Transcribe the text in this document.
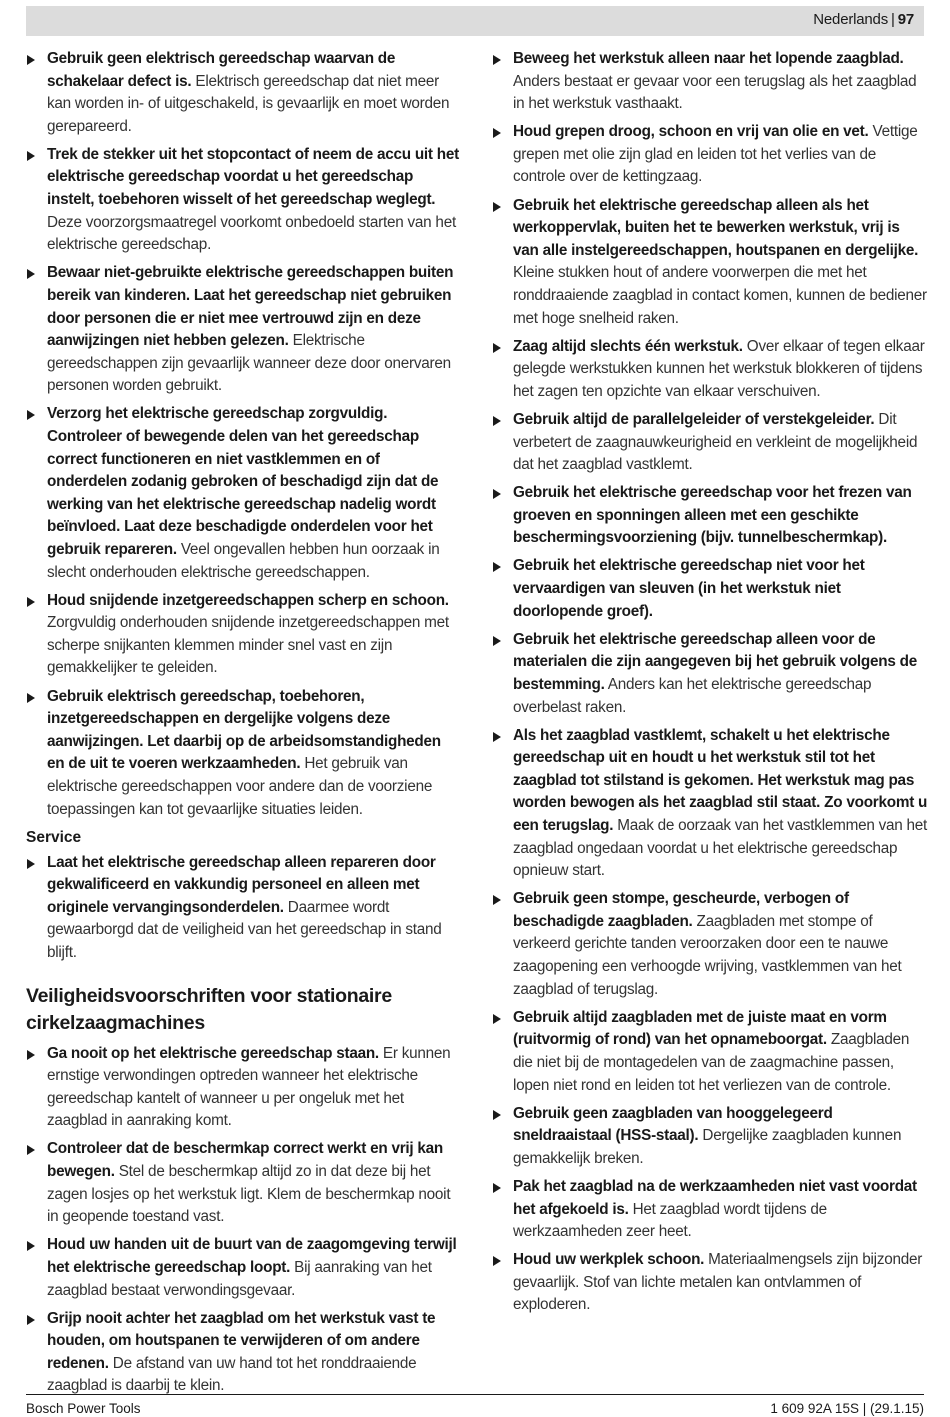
Nederlands | 97
Gebruik geen elektrisch gereedschap waarvan de schakelaar defect is. Elektrisch gereedschap dat niet meer kan worden in- of uitgeschakeld, is gevaarlijk en moet worden gerepareerd.
Trek de stekker uit het stopcontact of neem de accu uit het elektrische gereedschap voordat u het gereedschap instelt, toebehoren wisselt of het gereedschap weglegt. Deze voorzorgsmaatregel voorkomt onbedoeld starten van het elektrische gereedschap.
Bewaar niet-gebruikte elektrische gereedschappen buiten bereik van kinderen. Laat het gereedschap niet gebruiken door personen die er niet mee vertrouwd zijn en deze aanwijzingen niet hebben gelezen. Elektrische gereedschappen zijn gevaarlijk wanneer deze door onervaren personen worden gebruikt.
Verzorg het elektrische gereedschap zorgvuldig. Controleer of bewegende delen van het gereedschap correct functioneren en niet vastklemmen en of onderdelen zodanig gebroken of beschadigd zijn dat de werking van het elektrische gereedschap nadelig wordt beïnvloed. Laat deze beschadigde onderdelen voor het gebruik repareren. Veel ongevallen hebben hun oorzaak in slecht onderhouden elektrische gereedschappen.
Houd snijdende inzetgereedschappen scherp en schoon. Zorgvuldig onderhouden snijdende inzetgereedschappen met scherpe snijkanten klemmen minder snel vast en zijn gemakkelijker te geleiden.
Gebruik elektrisch gereedschap, toebehoren, inzetgereedschappen en dergelijke volgens deze aanwijzingen. Let daarbij op de arbeidsomstandigheden en de uit te voeren werkzaamheden. Het gebruik van elektrische gereedschappen voor andere dan de voorziene toepassingen kan tot gevaarlijke situaties leiden.
Service
Laat het elektrische gereedschap alleen repareren door gekwalificeerd en vakkundig personeel en alleen met originele vervangingsonderdelen. Daarmee wordt gewaarborgd dat de veiligheid van het gereedschap in stand blijft.
Veiligheidsvoorschriften voor stationaire cirkelzaagmachines
Ga nooit op het elektrische gereedschap staan. Er kunnen ernstige verwondingen optreden wanneer het elektrische gereedschap kantelt of wanneer u per ongeluk met het zaagblad in aanraking komt.
Controleer dat de beschermkap correct werkt en vrij kan bewegen. Stel de beschermkap altijd zo in dat deze bij het zagen losjes op het werkstuk ligt. Klem de beschermkap nooit in geopende toestand vast.
Houd uw handen uit de buurt van de zaagomgeving terwijl het elektrische gereedschap loopt. Bij aanraking van het zaagblad bestaat verwondingsgevaar.
Grijp nooit achter het zaagblad om het werkstuk vast te houden, om houtspanen te verwijderen of om andere redenen. De afstand van uw hand tot het ronddraaiende zaagblad is daarbij te klein.
Beweeg het werkstuk alleen naar het lopende zaagblad. Anders bestaat er gevaar voor een terugslag als het zaagblad in het werkstuk vasthaakt.
Houd grepen droog, schoon en vrij van olie en vet. Vettige grepen met olie zijn glad en leiden tot het verlies van de controle over de kettingzaag.
Gebruik het elektrische gereedschap alleen als het werkoppervlak, buiten het te bewerken werkstuk, vrij is van alle instelgereedschappen, houtspanen en dergelijke. Kleine stukken hout of andere voorwerpen die met het ronddraaiende zaagblad in contact komen, kunnen de bediener met hoge snelheid raken.
Zaag altijd slechts één werkstuk. Over elkaar of tegen elkaar gelegde werkstukken kunnen het werkstuk blokkeren of tijdens het zagen ten opzichte van elkaar verschuiven.
Gebruik altijd de parallelgeleider of verstekgeleider. Dit verbetert de zaagnauwkeurigheid en verkleint de mogelijkheid dat het zaagblad vastklemt.
Gebruik het elektrische gereedschap voor het frezen van groeven en sponningen alleen met een geschikte beschermingsvoorziening (bijv. tunnelbeschermkap).
Gebruik het elektrische gereedschap niet voor het vervaardigen van sleuven (in het werkstuk niet doorlopende groef).
Gebruik het elektrische gereedschap alleen voor de materialen die zijn aangegeven bij het gebruik volgens de bestemming. Anders kan het elektrische gereedschap overbelast raken.
Als het zaagblad vastklemt, schakelt u het elektrische gereedschap uit en houdt u het werkstuk stil tot het zaagblad tot stilstand is gekomen. Het werkstuk mag pas worden bewogen als het zaagblad stil staat. Zo voorkomt u een terugslag. Maak de oorzaak van het vastklemmen van het zaagblad ongedaan voordat u het elektrische gereedschap opnieuw start.
Gebruik geen stompe, gescheurde, verbogen of beschadigde zaagbladen. Zaagbladen met stompe of verkeerd gerichte tanden veroorzaken door een te nauwe zaagopening een verhoogde wrijving, vastklemmen van het zaagblad of terugslag.
Gebruik altijd zaagbladen met de juiste maat en vorm (ruitvormig of rond) van het opnameboorgat. Zaagbladen die niet bij de montagedelen van de zaagmachine passen, lopen niet rond en leiden tot het verliezen van de controle.
Gebruik geen zaagbladen van hooggelegeerd sneldraaistaal (HSS-staal). Dergelijke zaagbladen kunnen gemakkelijk breken.
Pak het zaagblad na de werkzaamheden niet vast voordat het afgekoeld is. Het zaagblad wordt tijdens de werkzaamheden zeer heet.
Houd uw werkplek schoon. Materiaalmengsels zijn bijzonder gevaarlijk. Stof van lichte metalen kan ontvlammen of exploderen.
Bosch Power Tools	1 609 92A 15S | (29.1.15)
